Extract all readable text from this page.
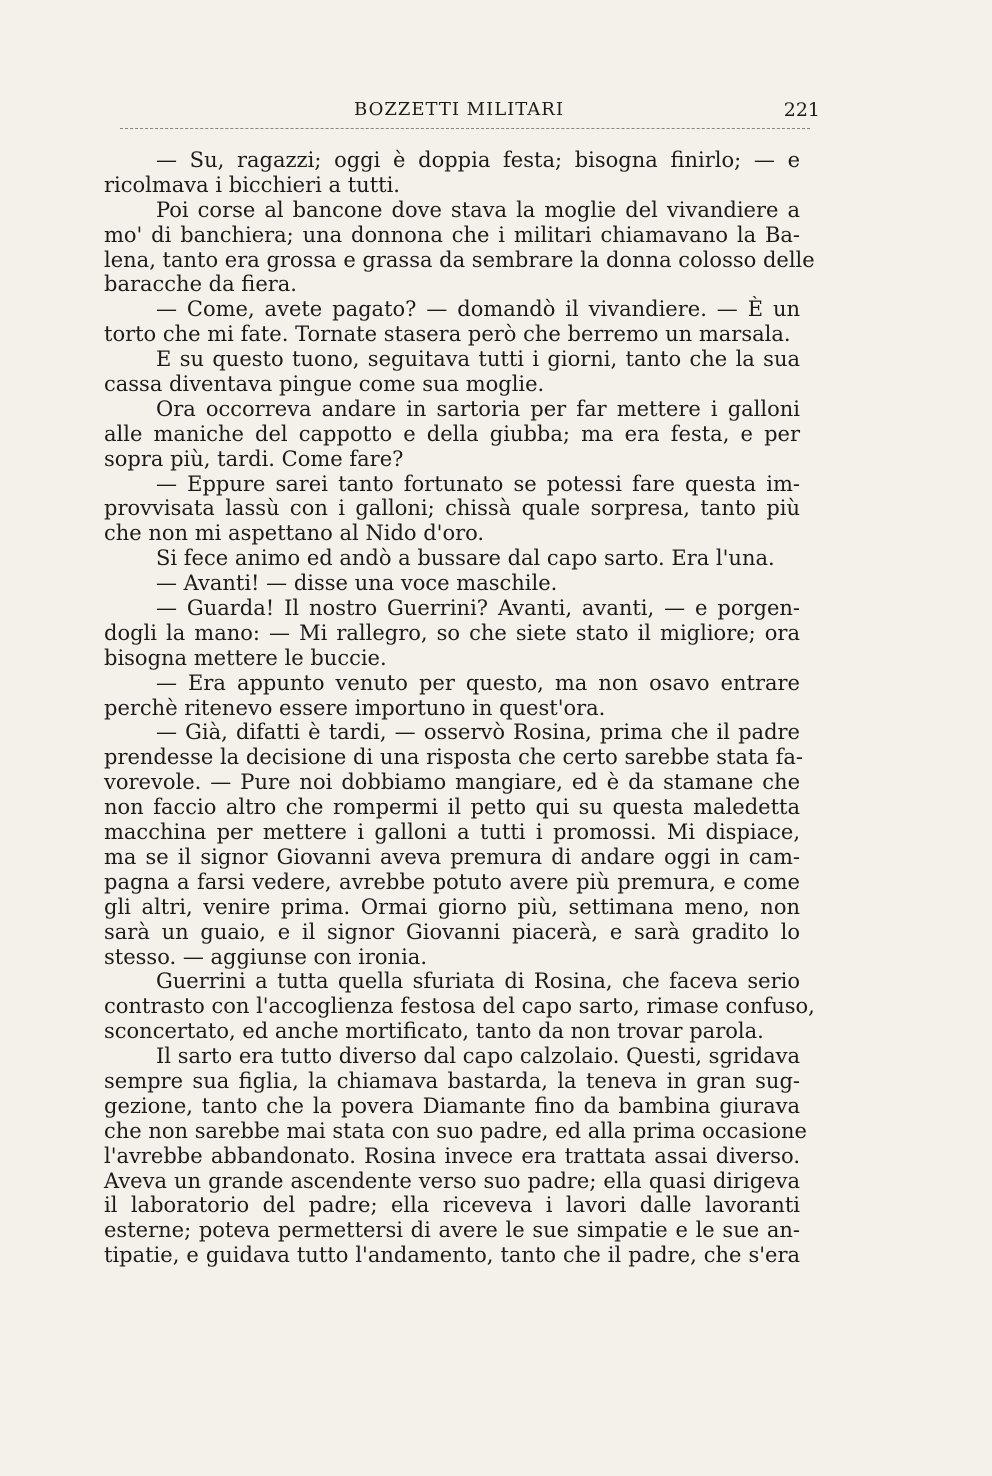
BOZZETTI MILITARI	221
— Su, ragazzi; oggi è doppia festa; bisogna finirlo; — e
ricolmava i bicchieri a tutti.
Poi corse al bancone dove stava la moglie del vivandiere a
mo' di banchiera; una donnona che i militari chiamavano la Ba-
lena, tanto era grossa e grassa da sembrare la donna colosso delle
baracche da fiera.
— Come, avete pagato? — domandò il vivandiere. — È un
torto che mi fate. Tornate stasera però che berremo un marsala.
E su questo tuono, seguitava tutti i giorni, tanto che la sua
cassa diventava pingue come sua moglie.
Ora occorreva andare in sartoria per far mettere i galloni
alle maniche del cappotto e della giubba; ma era festa, e per
sopra più, tardi. Come fare?
— Eppure sarei tanto fortunato se potessi fare questa im-
provvisata lassù con i galloni; chissà quale sorpresa, tanto più
che non mi aspettano al Nido d'oro.
Si fece animo ed andò a bussare dal capo sarto. Era l'una.
— Avanti! — disse una voce maschile.
— Guarda! Il nostro Guerrini? Avanti, avanti, — e porgen-
dogli la mano: — Mi rallegro, so che siete stato il migliore; ora
bisogna mettere le buccie.
— Era appunto venuto per questo, ma non osavo entrare
perchè ritenevo essere importuno in quest'ora.
— Già, difatti è tardi, — osservò Rosina, prima che il padre
prendesse la decisione di una risposta che certo sarebbe stata fa-
vorevole. — Pure noi dobbiamo mangiare, ed è da stamane che
non faccio altro che rompermi il petto qui su questa maledetta
macchina per mettere i galloni a tutti i promossi. Mi dispiace,
ma se il signor Giovanni aveva premura di andare oggi in cam-
pagna a farsi vedere, avrebbe potuto avere più premura, e come
gli altri, venire prima. Ormai giorno più, settimana meno, non
sarà un guaio, e il signor Giovanni piacerà, e sarà gradito lo
stesso. — aggiunse con ironia.
Guerrini a tutta quella sfuriata di Rosina, che faceva serio
contrasto con l'accoglienza festosa del capo sarto, rimase confuso,
sconcertato, ed anche mortificato, tanto da non trovar parola.
Il sarto era tutto diverso dal capo calzolaio. Questi, sgridava
sempre sua figlia, la chiamava bastarda, la teneva in gran sug-
gezione, tanto che la povera Diamante fino da bambina giurava
che non sarebbe mai stata con suo padre, ed alla prima occasione
l'avrebbe abbandonato. Rosina invece era trattata assai diverso.
Aveva un grande ascendente verso suo padre; ella quasi dirigeva
il laboratorio del padre; ella riceveva i lavori dalle lavoranti
esterne; poteva permettersi di avere le sue simpatie e le sue an-
tipatie, e guidava tutto l'andamento, tanto che il padre, che s'era
